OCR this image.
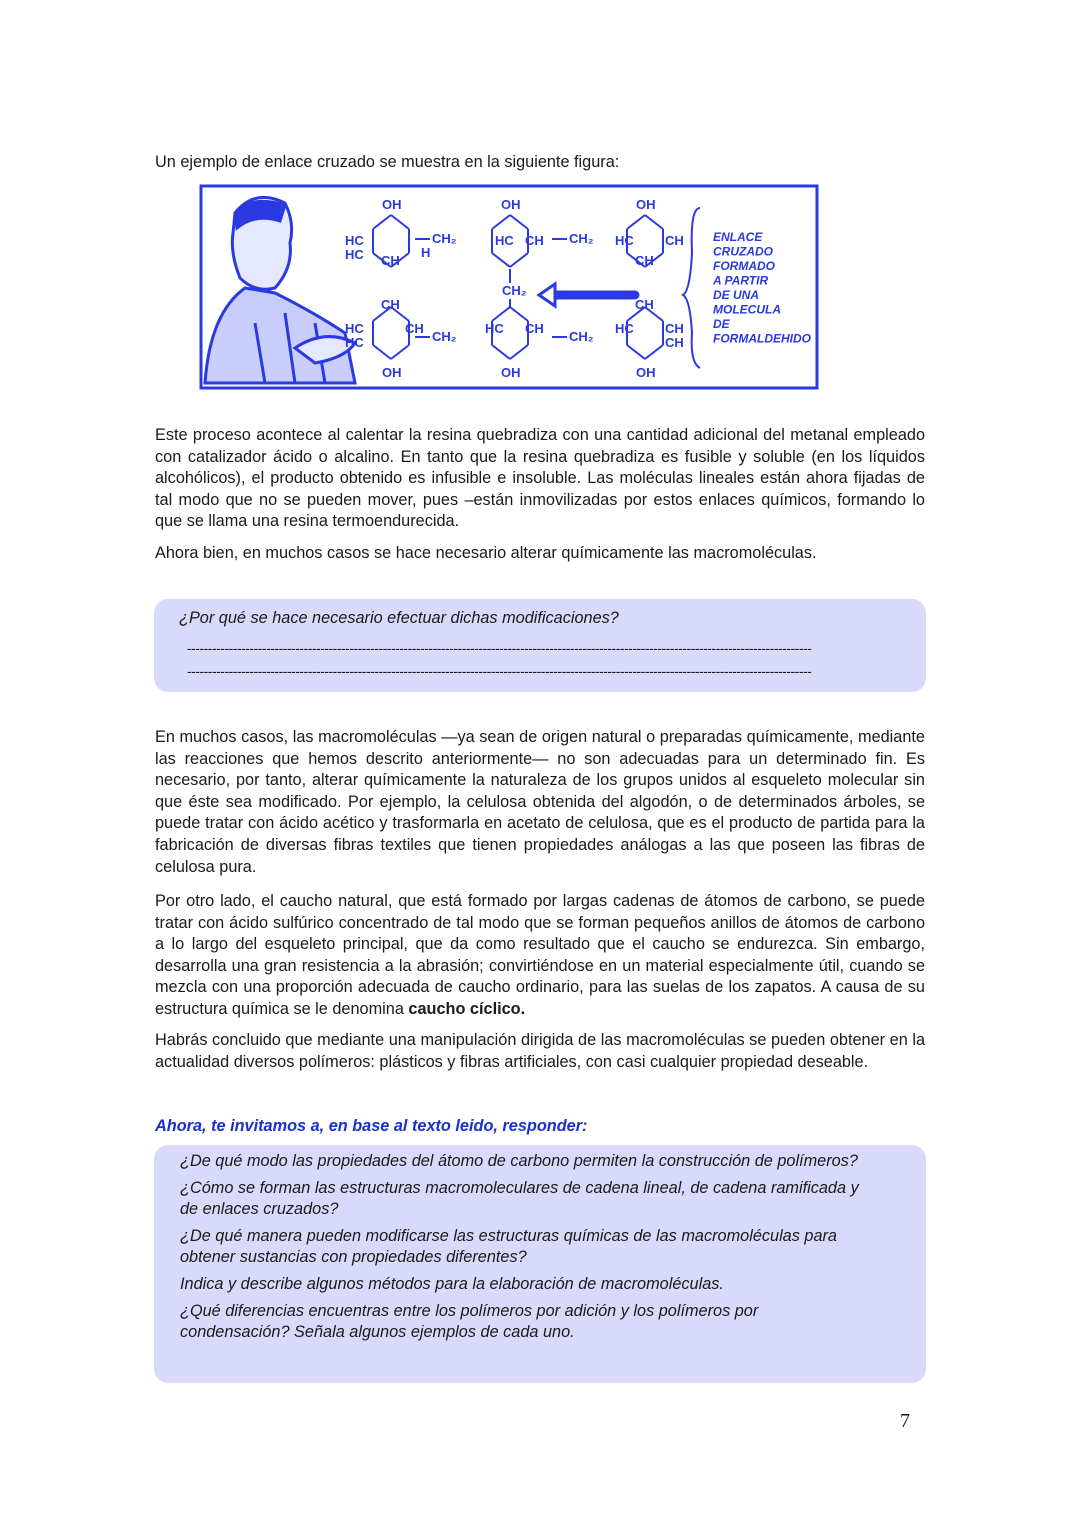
Un ejemplo de enlace cruzado se muestra en la siguiente figura:

OH	OH	OH
OH	OH	OH
HC
HC
HC
HC
HC
HC
HC
HC
CH
CH	CH
CH
CH
CH
CH
CH
CH
CH
H
CH₂
CH₂
CH₂
CH₂
CH₂
ENLACE
CRUZADO
FORMADO
A PARTIR
DE UNA
MOLECULA
DE
FORMALDEHIDO

Este proceso acontece al calentar la resina quebradiza con una cantidad adicional del metanal empleado con catalizador ácido o alcalino. En tanto que la resina quebradiza es fusible y soluble (en los líquidos alcohólicos), el producto obtenido es infusible e insoluble. Las moléculas lineales están ahora fijadas de tal modo que no se pueden mover, pues –están inmovilizadas por estos enlaces químicos, formando lo que se llama una resina termoendurecida.

Ahora bien, en muchos casos se hace necesario alterar químicamente las macromoléculas.

¿Por qué se hace necesario efectuar dichas modificaciones?

------------------------------------------------------------------------------------------------------------------------------------------------------
------------------------------------------------------------------------------------------------------------------------------------------------------

En muchos casos, las macromoléculas —ya sean de origen natural o preparadas químicamente, mediante las reacciones que hemos descrito anteriormente— no son adecuadas para un determinado fin. Es necesario, por tanto, alterar químicamente la naturaleza de los grupos unidos al esqueleto molecular sin que éste sea modificado. Por ejemplo, la celulosa obtenida del algodón, o de determinados árboles, se puede tratar con ácido acético y trasformarla en acetato de celulosa, que es el producto de partida para la fabricación de diversas fibras textiles que tienen propiedades análogas a las que poseen las fibras de celulosa pura.

Por otro lado, el caucho natural, que está formado por largas cadenas de átomos de carbono, se puede tratar con ácido sulfúrico concentrado de tal modo que se forman pequeños anillos de átomos de carbono a lo largo del esqueleto principal, que da como resultado que el caucho se endurezca. Sin embargo, desarrolla una gran resistencia a la abrasión; convirtiéndose en un material especialmente útil, cuando se mezcla con una proporción adecuada de caucho ordinario, para las suelas de los zapatos. A causa de su estructura química se le denomina caucho cíclico.

Habrás concluido que mediante una manipulación dirigida de las macromoléculas se pueden obtener en la actualidad diversos polímeros: plásticos y fibras artificiales, con casi cualquier propiedad deseable.

Ahora, te invitamos a, en base al texto leido, responder:

¿De qué modo las propiedades del átomo de carbono permiten la construcción de polímeros?

¿Cómo se forman las estructuras macromoleculares de cadena lineal, de cadena ramificada y de enlaces cruzados?

¿De qué manera pueden modificarse las estructuras químicas de las macromoléculas para obtener sustancias con propiedades diferentes?

Indica y describe algunos métodos para la elaboración de macromoléculas.

¿Qué diferencias encuentras entre los polímeros por adición y los polímeros por condensación? Señala algunos ejemplos de cada uno.

7
